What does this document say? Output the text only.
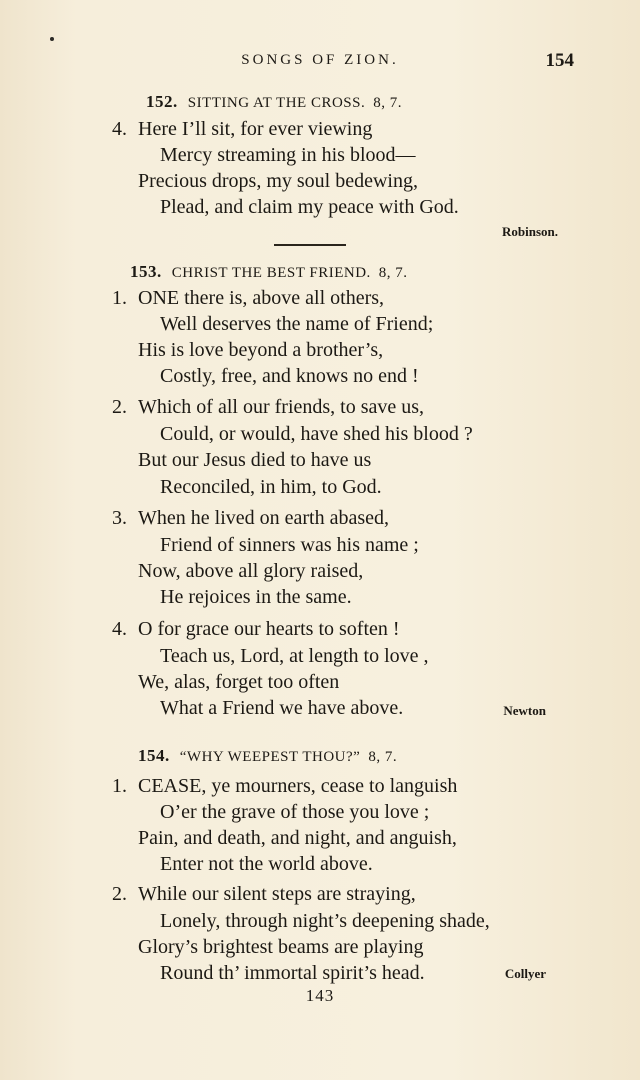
SONGS OF ZION.	154
152. SITTING AT THE CROSS. 8, 7.
4. Here I’ll sit, for ever viewing
Mercy streaming in his blood—
Precious drops, my soul bedewing,
Plead, and claim my peace with God.
Robinson.
153. CHRIST THE BEST FRIEND. 8, 7.
1. ONE there is, above all others,
Well deserves the name of Friend;
His is love beyond a brother’s,
Costly, free, and knows no end !
2. Which of all our friends, to save us,
Could, or would, have shed his blood ?
But our Jesus died to have us
Reconciled, in him, to God.
3. When he lived on earth abased,
Friend of sinners was his name ;
Now, above all glory raised,
He rejoices in the same.
4. O for grace our hearts to soften !
Teach us, Lord, at length to love ,
We, alas, forget too often
What a Friend we have above.	Newton
154. “WHY WEEPEST THOU?” 8, 7.
1. CEASE, ye mourners, cease to languish
O’er the grave of those you love ;
Pain, and death, and night, and anguish,
Enter not the world above.
2. While our silent steps are straying,
Lonely, through night’s deepening shade,
Glory’s brightest beams are playing
Round th’ immortal spirit’s head.	Collyer
143
